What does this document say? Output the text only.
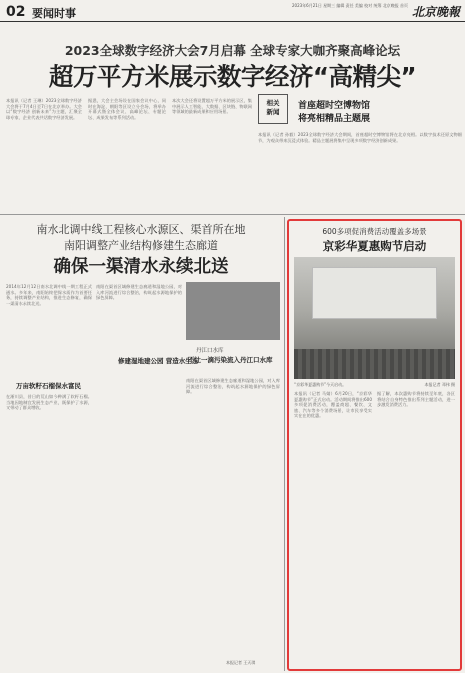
02 要闻时事
2023年6月21日 星期三 编辑 责任 美编 校对 统筹 北京晚报 首页 北京晚報
2023全球数字经济大会7月启幕 全球专家大咖齐聚高峰论坛
超万平方米展示数字经济“高精尖”
本报讯（记者 王琳）2023全球数字经济大会将于7月4日至7日在北京举办。大会以“数字经济 创新未来”为主题，汇聚全球专家、企业代表共话数字经济发展。
据悉，大会主会场设在国家会议中心，同时在海淀、朝阳等区设立分会场，将举办开幕式暨全体会议、高峰论坛、专题论坛、成果发布等系列活动。
本次大会还将设置超万平方米的展示区，集中展示人工智能、大数据、区块链、物联网等领域的最新成果和应用场景。
相关
新闻
首座超时空博物馆
将亮相精品主题展
本报讯（记者 孙毅）2023全球数字经济大会期间，首座超时空博物馆将在北京亮相。以数字技术还原文物细节，为观众带来沉浸式体验。精品主题展将集中呈现多项数字经济创新成果。
南水北调中线工程核心水源区、渠首所在地
南阳调整产业结构修建生态廊道
确保一渠清水永续北送
2014年12月12日南水北调中线一期工程正式通水。多年来，南阳始终把保水质作为首要任务，持续调整产业结构，推进生态修复，确保一渠清水永续北送。
万亩软籽石榴保水富民
在淅川县，昔日的荒山如今种满了软籽石榴。当地因地制宜发展生态产业，既保护了水源，又带动了群众增收。
南阳在渠首区域修建生态廊道和湿地公园，对入库河流进行综合整治，构筑起水源地保护的绿色屏障。
修建湿地建公园 营造水生态
丹江口水库
不让一滴污染流入丹江口水库
南阳在渠首区域修建生态廊道和湿地公园，对入库河流进行综合整治，构筑起水源地保护的绿色屏障。
本报记者 王天琪
600多项促消费活动覆盖多场景
京彩华夏惠购节启动
“京彩华夏惠购节”今天启动。	本报记者 邓伟 摄
本报讯（记者 马婧）6月20日，“京彩华夏惠购节”正式启动。活动期间将推出600多项促消费活动，覆盖商超、餐饮、文旅、汽车等多个消费场景，让市民享受实实在在的优惠。
据了解，本次惠购节将持续至年底，各区将结合自身特色推出系列主题活动，进一步激发消费活力。
